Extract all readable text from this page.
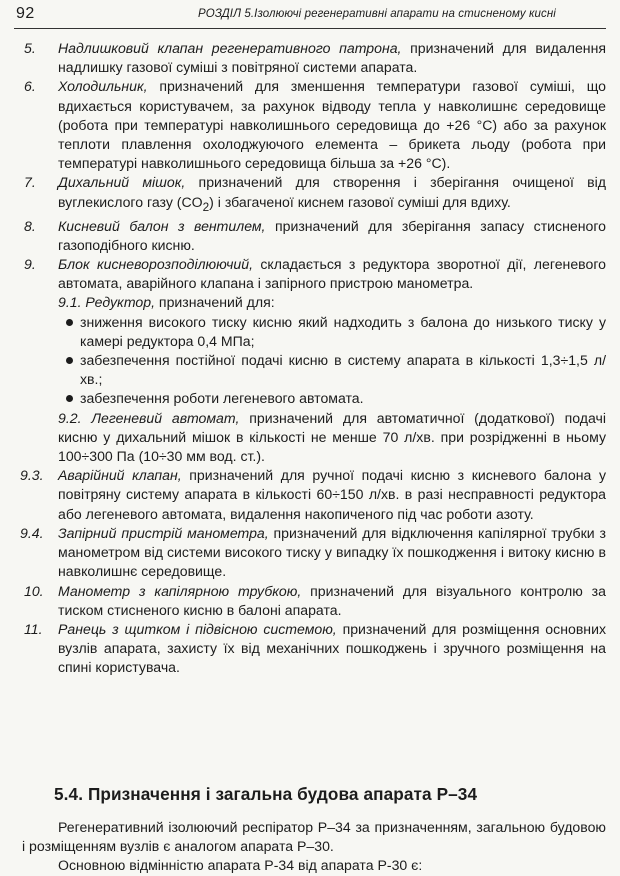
92	РОЗДІЛ 5.Ізолюючі регенеративні апарати на стисненому кисні
5. Надлишковий клапан регенеративного патрона, призначений для видалення надлишку газової суміші з повітряної системи апарата.
6. Холодильник, призначений для зменшення температури газової суміші, що вдихається користувачем, за рахунок відводу тепла у навколишнє середовище (робота при температурі навколишнього середовища до +26 °С) або за рахунок теплоти плавлення охолоджуючого елемента – брикета льоду (робота при температурі навколишнього середовища більша за +26 °С).
7. Дихальний мішок, призначений для створення і зберігання очищеної від вуглекислого газу $(CO_2)$ і збагаченої киснем газової суміші для вдиху.
8. Кисневий балон з вентилем, призначений для зберігання запасу стисненого газоподібного кисню.
9. Блок кисневорозподілюючий, складається з редуктора зворотної дії, легеневого автомата, аварійного клапана і запірного пристрою манометра.
9.1. Редуктор, призначений для:
зниження високого тиску кисню який надходить з балона до низького тиску у камері редуктора 0,4 МПа;
забезпечення постійної подачі кисню в систему апарата в кількості 1,3÷1,5 л/хв.;
забезпечення роботи легеневого автомата.
9.2. Легеневий автомат, призначений для автоматичної (додаткової) подачі кисню у дихальний мішок в кількості не менше 70 л/хв. при розрідженні в ньому 100÷300 Па (10÷30 мм вод. ст.).
9.3. Аварійний клапан, призначений для ручної подачі кисню з кисневого балона у повітряну систему апарата в кількості 60÷150 л/хв. в разі несправності редуктора або легеневого автомата, видалення накопиченого під час роботи азоту.
9.4. Запірний пристрій манометра, призначений для відключення капілярної трубки з манометром від системи високого тиску у випадку їх пошкодження і витоку кисню в навколишнє середовище.
10. Манометр з капілярною трубкою, призначений для візуального контролю за тиском стисненого кисню в балоні апарата.
11. Ранець з щитком і підвісною системою, призначений для розміщення основних вузлів апарата, захисту їх від механічних пошкоджень і зручного розміщення на спині користувача.
5.4. Призначення і загальна будова апарата Р–34
Регенеративний ізолюючий респіратор Р–34 за призначенням, загальною будовою і розміщенням вузлів є аналогом апарата Р–30.
Основною відмінністю апарата Р-34 від апарата Р-30 є:
